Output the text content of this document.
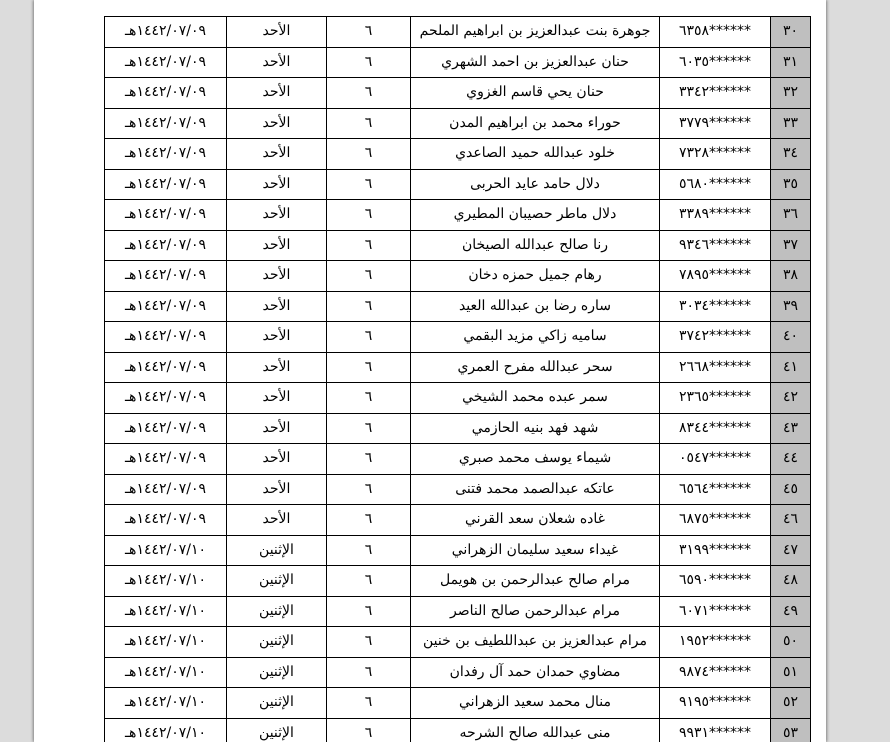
٣٠	******٦٣٥٨	جوهرة بنت عبدالعزيز بن ابراهيم الملحم	٦	الأحد	١٤٤٢/٠٧/٠٩هـ
٣١	******٦٠٣٥	حنان عبدالعزيز بن احمد الشهري	٦	الأحد	١٤٤٢/٠٧/٠٩هـ
٣٢	******٣٣٤٢	حنان يحي قاسم الغزوي	٦	الأحد	١٤٤٢/٠٧/٠٩هـ
٣٣	******٣٧٧٩	حوراء محمد بن ابراهيم المدن	٦	الأحد	١٤٤٢/٠٧/٠٩هـ
٣٤	******٧٣٢٨	خلود عبدالله حميد الصاعدي	٦	الأحد	١٤٤٢/٠٧/٠٩هـ
٣٥	******٥٦٨٠	دلال حامد عايد الحربى	٦	الأحد	١٤٤٢/٠٧/٠٩هـ
٣٦	******٣٣٨٩	دلال ماطر حصيبان المطيري	٦	الأحد	١٤٤٢/٠٧/٠٩هـ
٣٧	******٩٣٤٦	رنا صالح عبدالله الصيخان	٦	الأحد	١٤٤٢/٠٧/٠٩هـ
٣٨	******٧٨٩٥	رهام جميل حمزه دخان	٦	الأحد	١٤٤٢/٠٧/٠٩هـ
٣٩	******٣٠٣٤	ساره رضا بن عبدالله العيد	٦	الأحد	١٤٤٢/٠٧/٠٩هـ
٤٠	******٣٧٤٢	ساميه زاكي مزيد البقمي	٦	الأحد	١٤٤٢/٠٧/٠٩هـ
٤١	******٢٦٦٨	سحر عبدالله مفرح العمري	٦	الأحد	١٤٤٢/٠٧/٠٩هـ
٤٢	******٢٣٦٥	سمر عبده محمد الشيخي	٦	الأحد	١٤٤٢/٠٧/٠٩هـ
٤٣	******٨٣٤٤	شهد فهد بنيه الحازمي	٦	الأحد	١٤٤٢/٠٧/٠٩هـ
٤٤	******٠٥٤٧	شيماء يوسف محمد صبري	٦	الأحد	١٤٤٢/٠٧/٠٩هـ
٤٥	******٦٥٦٤	عاتكه عبدالصمد محمد فتنى	٦	الأحد	١٤٤٢/٠٧/٠٩هـ
٤٦	******٦٨٧٥	غاده شعلان سعد القرني	٦	الأحد	١٤٤٢/٠٧/٠٩هـ
٤٧	******٣١٩٩	غيداء سعيد سليمان الزهراني	٦	الإثنين	١٤٤٢/٠٧/١٠هـ
٤٨	******٦٥٩٠	مرام صالح عبدالرحمن بن هويمل	٦	الإثنين	١٤٤٢/٠٧/١٠هـ
٤٩	******٦٠٧١	مرام عبدالرحمن صالح الناصر	٦	الإثنين	١٤٤٢/٠٧/١٠هـ
٥٠	******١٩٥٢	مرام عبدالعزيز بن عبداللطيف بن خنين	٦	الإثنين	١٤٤٢/٠٧/١٠هـ
٥١	******٩٨٧٤	مضاوي حمدان حمد آل رفدان	٦	الإثنين	١٤٤٢/٠٧/١٠هـ
٥٢	******٩١٩٥	منال محمد سعيد الزهراني	٦	الإثنين	١٤٤٢/٠٧/١٠هـ
٥٣	******٩٩٣١	منى عبدالله صالح الشرحه	٦	الإثنين	١٤٤٢/٠٧/١٠هـ
